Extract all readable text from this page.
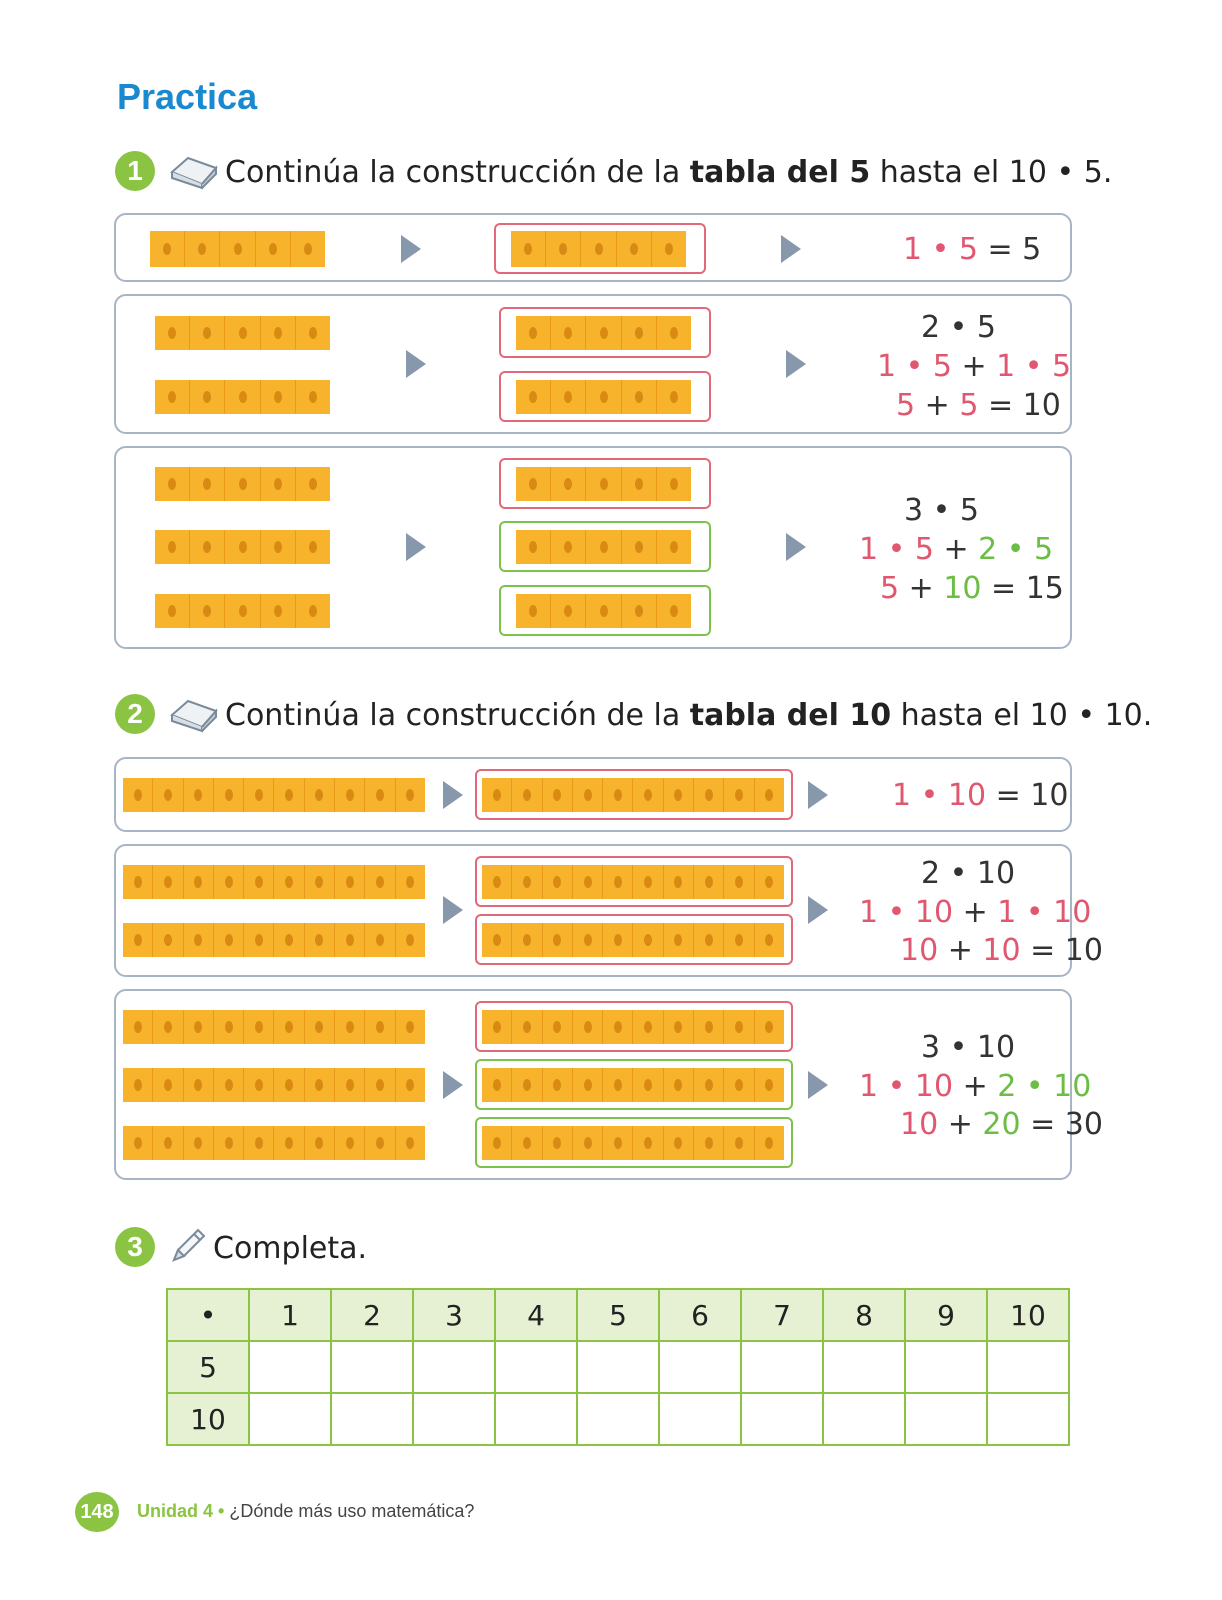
Practica
1	Continúa la construcción de la tabla del 5 hasta el 10 • 5.
1 • 5 = 5
2 • 5
1 • 5 + 1 • 5
5 + 5 = 10
3 • 5
1 • 5 + 2 • 5
5 + 10 = 15
2	Continúa la construcción de la tabla del 10 hasta el 10 • 10.
1 • 10 = 10
2 • 10
1 • 10 + 1 • 10
10 + 10 = 10
3 • 10
1 • 10 + 2 • 10
10 + 20 = 30
3	Completa.
•	1	2	3	4	5	6	7	8	9	10
5										
10										
148 Unidad 4 • ¿Dónde más uso matemática?
